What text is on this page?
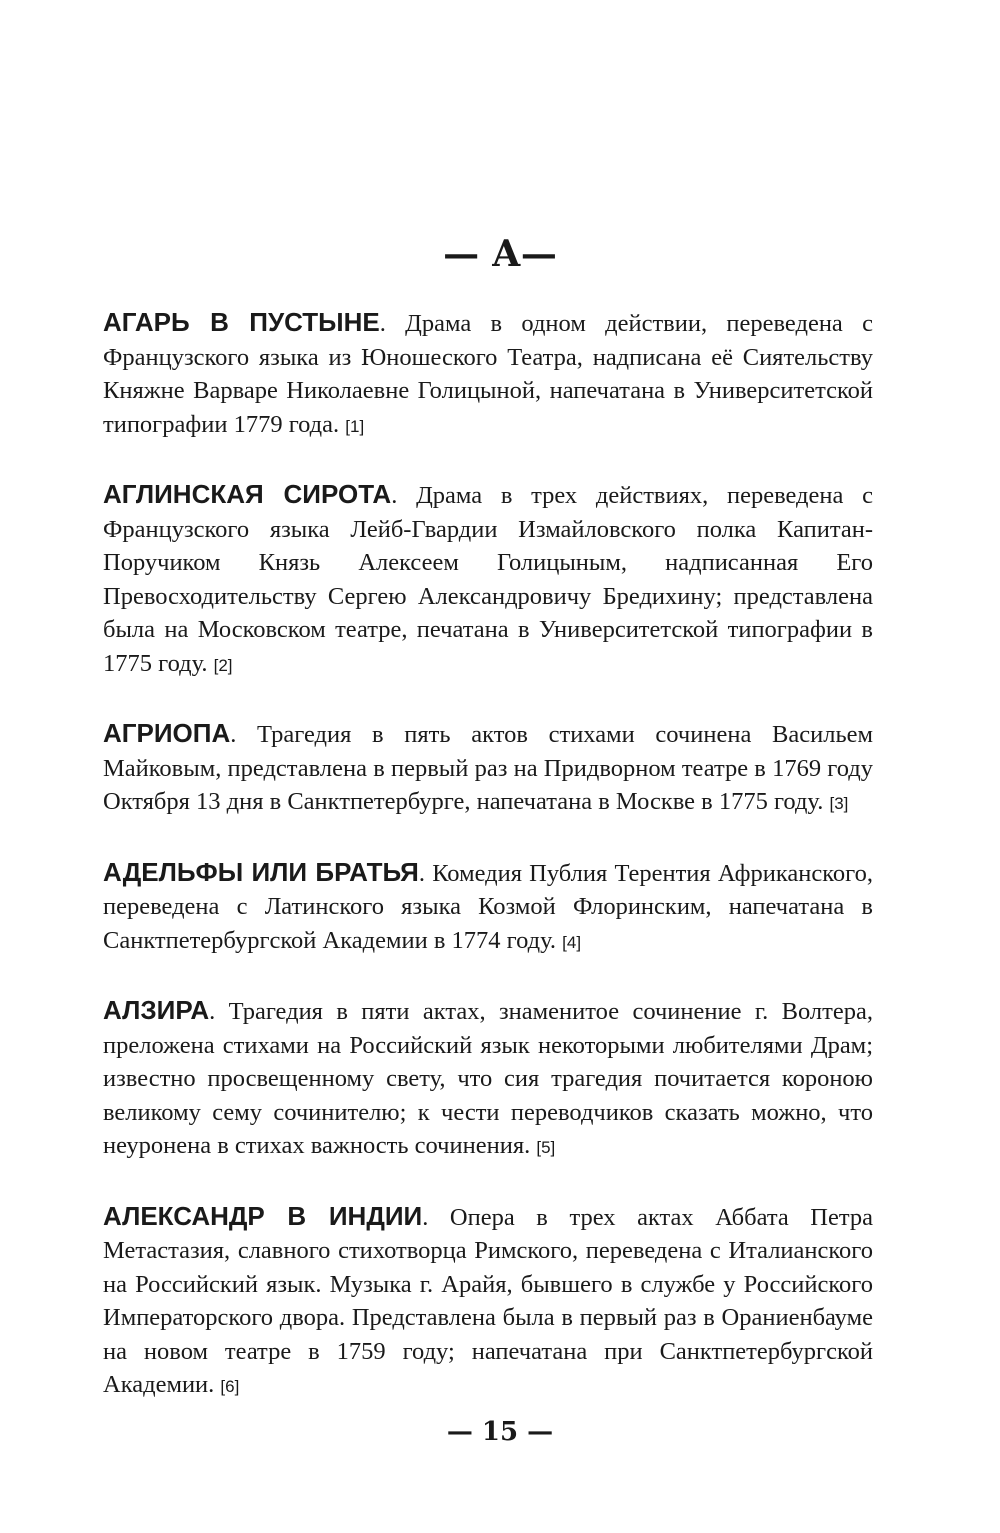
— А—

АГАРЬ В ПУСТЫНЕ. Драма в одном действии, переведена с Французского языка из Юношеского Театра, надписана её Сиятельству Княжне Варваре Николаевне Голицыной, напечатана в Университетской типографии 1779 года. [1]

АГЛИНСКАЯ СИРОТА. Драма в трех действиях, переведена с Французского языка Лейб-Гвардии Измайловского полка Капитан-Поручиком Князь Алексеем Голицыным, надписанная Его Превосходительству Сергею Александровичу Бредихину; представлена была на Московском театре, печатана в Университетской типографии в 1775 году. [2]

АГРИОПА. Трагедия в пять актов стихами сочинена Васильем Майковым, представлена в первый раз на Придворном театре в 1769 году Октября 13 дня в Санктпетербурге, напечатана в Москве в 1775 году. [3]

АДЕЛЬФЫ ИЛИ БРАТЬЯ. Комедия Публия Терентия Африканского, переведена с Латинского языка Козмой Флоринским, напечатана в Санктпетербургской Академии в 1774 году. [4]

АЛЗИРА. Трагедия в пяти актах, знаменитое сочинение г. Волтера, преложена стихами на Российский язык некоторыми любителями Драм; известно просвещенному свету, что сия трагедия почитается короною великому сему сочинителю; к чести переводчиков сказать можно, что неуронена в стихах важность сочинения. [5]

АЛЕКСАНДР В ИНДИИ. Опера в трех актах Аббата Петра Метастазия, славного стихотворца Римского, переведена с Италианского на Российский язык. Музыка г. Арайя, бывшего в службе у Российского Императорского двора. Представлена была в первый раз в Ораниенбауме на новом театре в 1759 году; напечатана при Санктпетербургской Академии. [6]

— 15 —
